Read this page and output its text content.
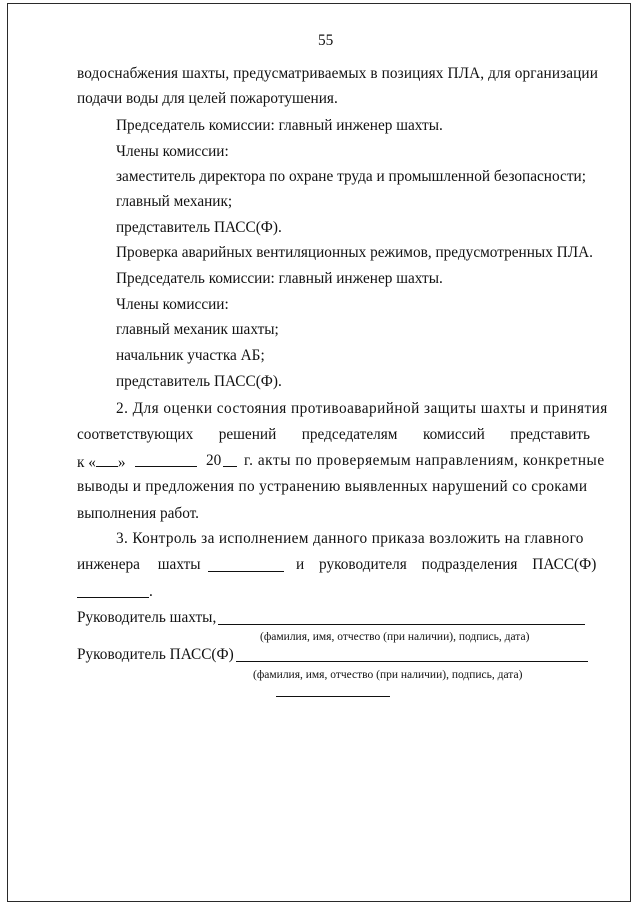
55
водоснабжения шахты, предусматриваемых в позициях ПЛА, для организации
подачи воды для целей пожаротушения.
Председатель комиссии: главный инженер шахты.
Члены комиссии:
заместитель директора по охране труда и промышленной безопасности;
главный механик;
представитель ПАСС(Ф).
Проверка аварийных вентиляционных режимов, предусмотренных ПЛА.
Председатель комиссии: главный инженер шахты.
Члены комиссии:
главный механик шахты;
начальник участка АБ;
представитель ПАСС(Ф).
2. Для оценки состояния противоаварийной защиты шахты и принятия
соответствующих решений председателям комиссий представить
к « »	20 г. акты по проверяемым направлениям, конкретные
выводы и предложения по устранению выявленных нарушений со сроками
выполнения работ.
3. Контроль за исполнением данного приказа возложить на главного
инженера шахты	и руководителя подразделения ПАСС(Ф)
.
Руководитель шахты,
(фамилия, имя, отчество (при наличии), подпись, дата)
Руководитель ПАСС(Ф)
(фамилия, имя, отчество (при наличии), подпись, дата)
